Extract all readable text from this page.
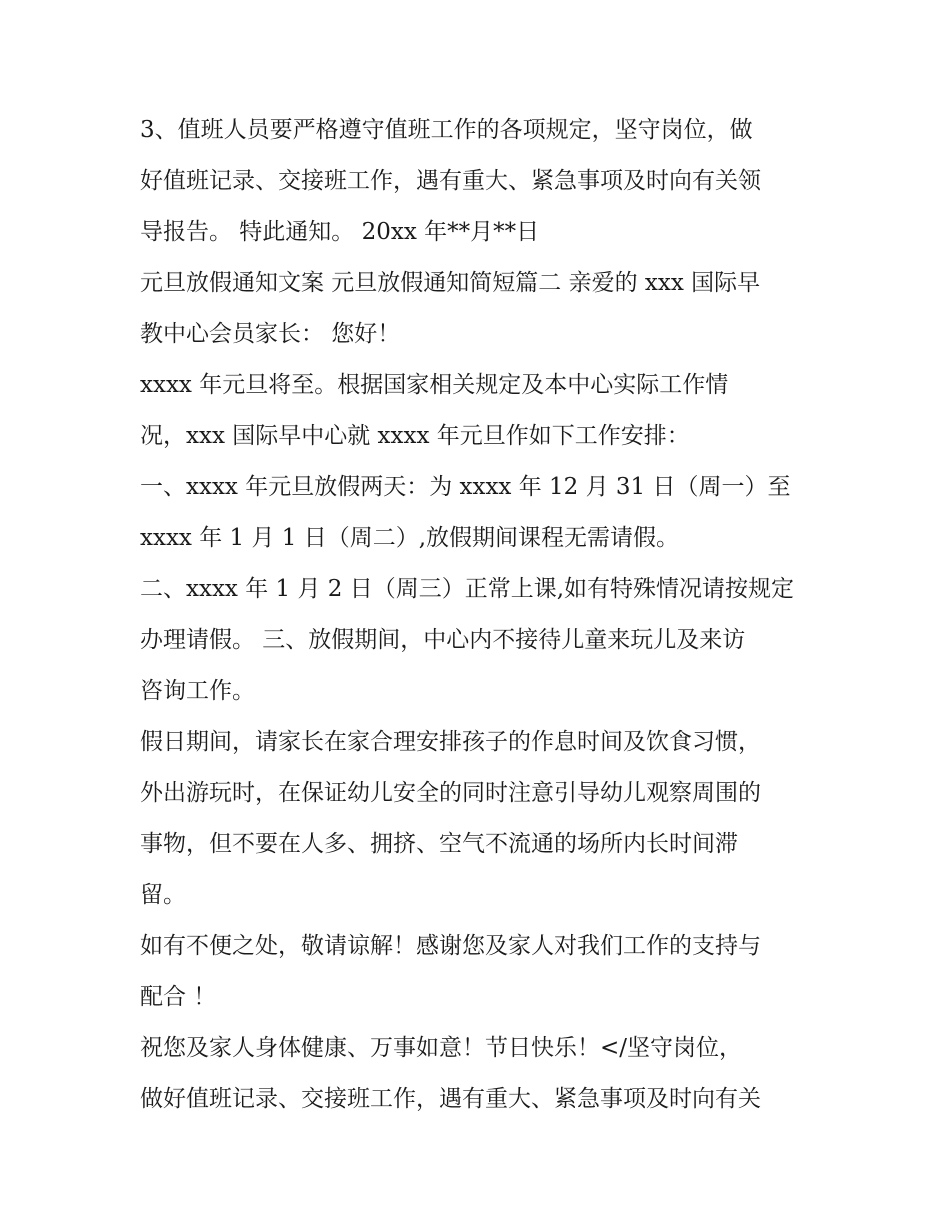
3、值班人员要严格遵守值班工作的各项规定，坚守岗位，做
好值班记录、交接班工作，遇有重大、紧急事项及时向有关领
导报告。 特此通知。 20xx 年**月**日
元旦放假通知文案 元旦放假通知简短篇二 亲爱的 xxx 国际早
教中心会员家长： 您好！
xxxx 年元旦将至。根据国家相关规定及本中心实际工作情
况，xxx 国际早中心就 xxxx 年元旦作如下工作安排：
一、xxxx 年元旦放假两天：为 xxxx 年 12 月 31 日（周一）至
xxxx 年 1 月 1 日（周二）,放假期间课程无需请假。
二、xxxx 年 1 月 2 日（周三）正常上课,如有特殊情况请按规定
办理请假。 三、放假期间，中心内不接待儿童来玩儿及来访
咨询工作。
假日期间，请家长在家合理安排孩子的作息时间及饮食习惯，
外出游玩时，在保证幼儿安全的同时注意引导幼儿观察周围的
事物，但不要在人多、拥挤、空气不流通的场所内长时间滞
留。
如有不便之处，敬请谅解！感谢您及家人对我们工作的支持与
配合 ！
祝您及家人身体健康、万事如意！节日快乐！</坚守岗位，
做好值班记录、交接班工作，遇有重大、紧急事项及时向有关
